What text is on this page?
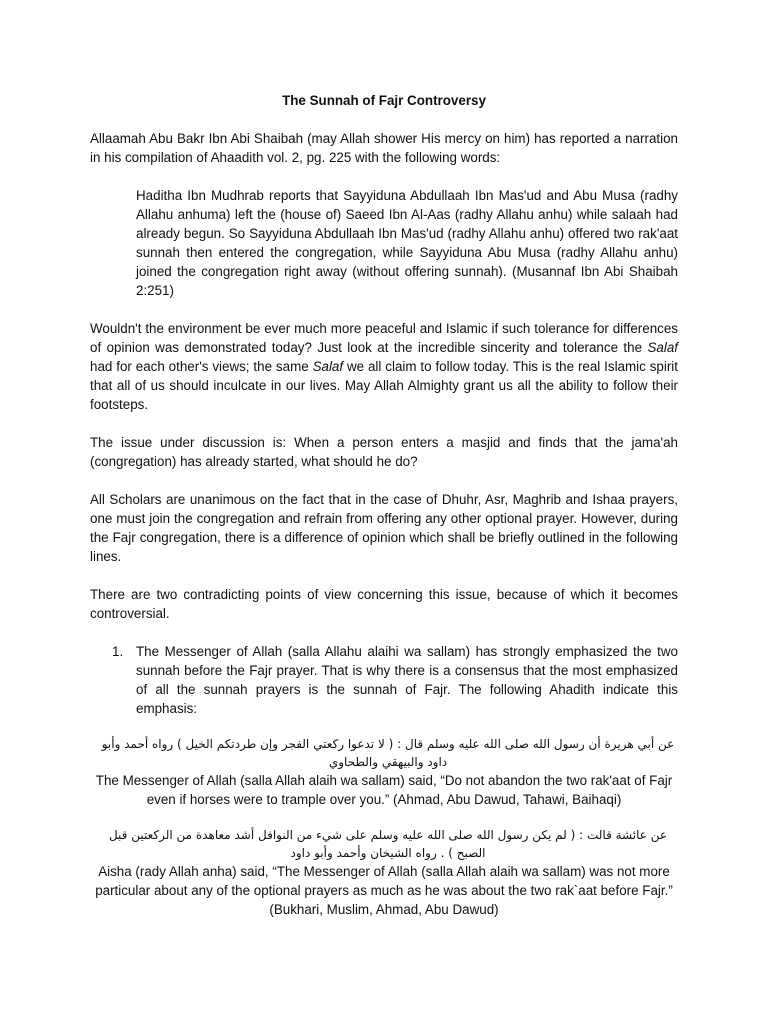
The Sunnah of Fajr Controversy

Allaamah Abu Bakr Ibn Abi Shaibah (may Allah shower His mercy on him) has reported a narration in his compilation of Ahaadith vol. 2, pg. 225 with the following words:

Haditha Ibn Mudhrab reports that Sayyiduna Abdullaah Ibn Mas'ud and Abu Musa (radhy Allahu anhuma) left the (house of) Saeed Ibn Al-Aas (radhy Allahu anhu) while salaah had already begun. So Sayyiduna Abdullaah Ibn Mas'ud (radhy Allahu anhu) offered two rak'aat sunnah then entered the congregation, while Sayyiduna Abu Musa (radhy Allahu anhu) joined the congregation right away (without offering sunnah). (Musannaf Ibn Abi Shaibah 2:251)

Wouldn't the environment be ever much more peaceful and Islamic if such tolerance for differences of opinion was demonstrated today? Just look at the incredible sincerity and tolerance the Salaf had for each other's views; the same Salaf we all claim to follow today. This is the real Islamic spirit that all of us should inculcate in our lives. May Allah Almighty grant us all the ability to follow their footsteps.

The issue under discussion is: When a person enters a masjid and finds that the jama'ah (congregation) has already started, what should he do?

All Scholars are unanimous on the fact that in the case of Dhuhr, Asr, Maghrib and Ishaa prayers, one must join the congregation and refrain from offering any other optional prayer. However, during the Fajr congregation, there is a difference of opinion which shall be briefly outlined in the following lines.

There are two contradicting points of view concerning this issue, because of which it becomes controversial.

1. The Messenger of Allah (salla Allahu alaihi wa sallam) has strongly emphasized the two sunnah before the Fajr prayer. That is why there is a consensus that the most emphasized of all the sunnah prayers is the sunnah of Fajr. The following Ahadith indicate this emphasis:
عن أبي هريرة أن رسول الله صلى الله عليه وسلم قال : ( لا تدعوا ركعتي الفجر وإن طردتكم الخيل ) رواه أحمد وأبو داود والبيهقي والطحاوي

The Messenger of Allah (salla Allah alaih wa sallam) said, “Do not abandon the two rak'aat of Fajr even if horses were to trample over you.” (Ahmad, Abu Dawud, Tahawi, Baihaqi)

عن عائشة قالت : ( لم يكن رسول الله صلى الله عليه وسلم على شيء من النوافل أشد معاهدة من الركعتين قبل الصبح ) . رواه الشيخان وأحمد وأبو داود

Aisha (rady Allah anha) said, “The Messenger of Allah (salla Allah alaih wa sallam) was not more particular about any of the optional prayers as much as he was about the two rak`aat before Fajr.” (Bukhari, Muslim, Ahmad, Abu Dawud)
